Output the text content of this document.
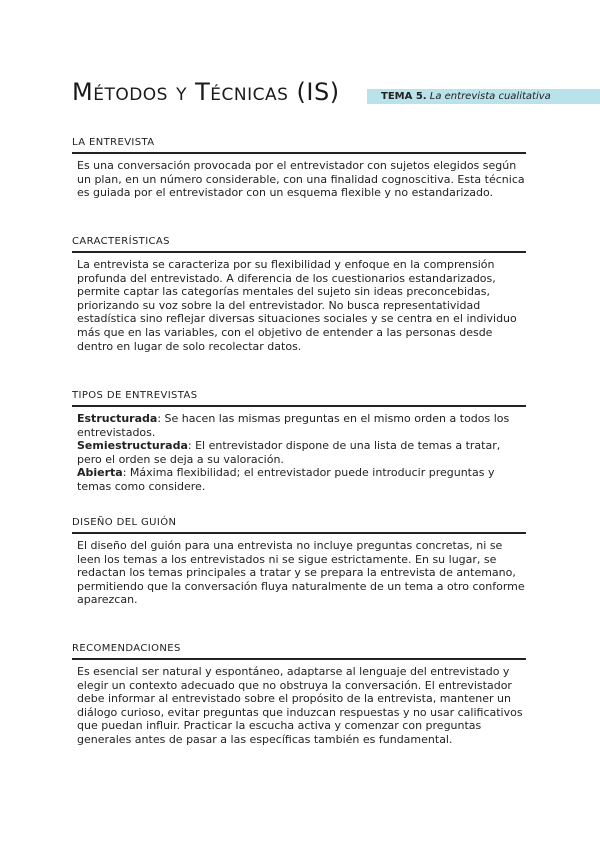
Métodos y Técnicas (IS)	TEMA 5. La entrevista cualitativa
LA ENTREVISTA

Es una conversación provocada por el entrevistador con sujetos elegidos según un plan, en un número considerable, con una finalidad cognoscitiva. Esta técnica es guiada por el entrevistador con un esquema flexible y no estandarizado.

CARACTERÍSTICAS

La entrevista se caracteriza por su flexibilidad y enfoque en la comprensión profunda del entrevistado. A diferencia de los cuestionarios estandarizados, permite captar las categorías mentales del sujeto sin ideas preconcebidas, priorizando su voz sobre la del entrevistador. No busca representatividad estadística sino reflejar diversas situaciones sociales y se centra en el individuo más que en las variables, con el objetivo de entender a las personas desde dentro en lugar de solo recolectar datos.

TIPOS DE ENTREVISTAS

Estructurada: Se hacen las mismas preguntas en el mismo orden a todos los entrevistados.

Semiestructurada: El entrevistador dispone de una lista de temas a tratar, pero el orden se deja a su valoración.

Abierta: Máxima flexibilidad; el entrevistador puede introducir preguntas y temas como considere.

DISEÑO DEL GUIÓN

El diseño del guión para una entrevista no incluye preguntas concretas, ni se leen los temas a los entrevistados ni se sigue estrictamente. En su lugar, se redactan los temas principales a tratar y se prepara la entrevista de antemano, permitiendo que la conversación fluya naturalmente de un tema a otro conforme aparezcan.

RECOMENDACIONES

Es esencial ser natural y espontáneo, adaptarse al lenguaje del entrevistado y elegir un contexto adecuado que no obstruya la conversación. El entrevistador debe informar al entrevistado sobre el propósito de la entrevista, mantener un diálogo curioso, evitar preguntas que induzcan respuestas y no usar calificativos que puedan influir. Practicar la escucha activa y comenzar con preguntas generales antes de pasar a las específicas también es fundamental.
